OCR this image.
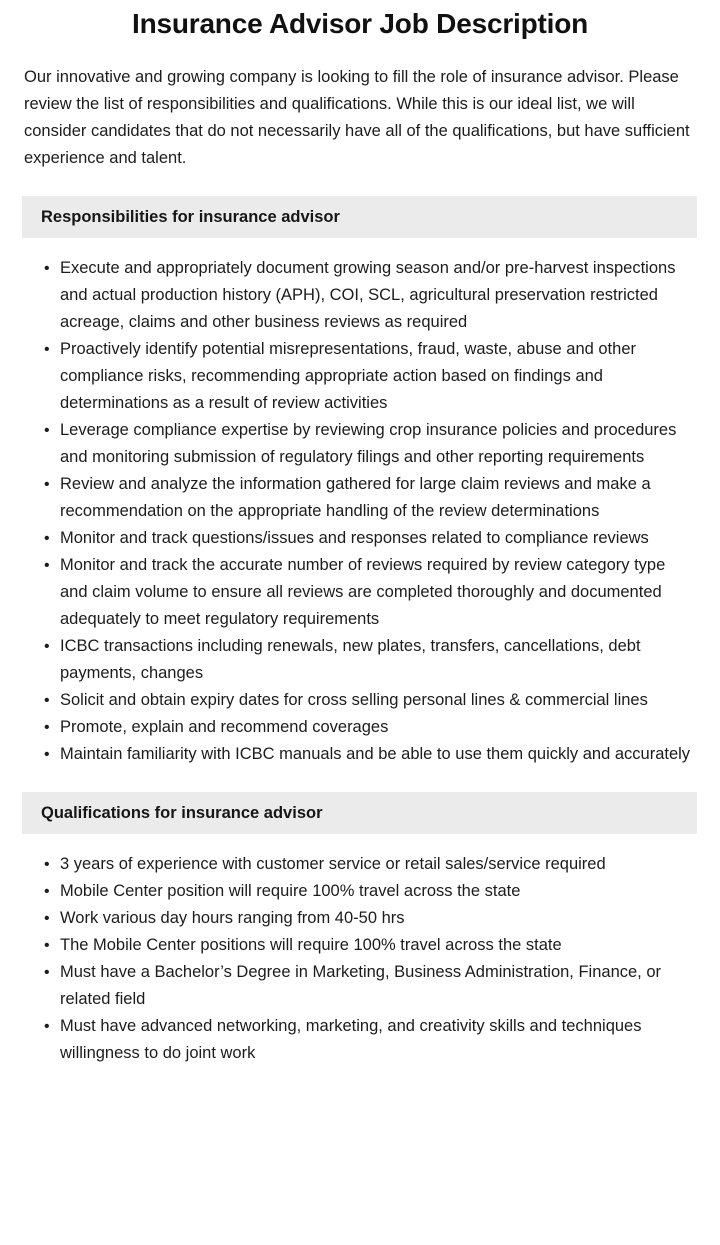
Insurance Advisor Job Description

Our innovative and growing company is looking to fill the role of insurance advisor. Please review the list of responsibilities and qualifications. While this is our ideal list, we will consider candidates that do not necessarily have all of the qualifications, but have sufficient experience and talent.

Responsibilities for insurance advisor
• Execute and appropriately document growing season and/or pre-harvest inspections and actual production history (APH), COI, SCL, agricultural preservation restricted acreage, claims and other business reviews as required
• Proactively identify potential misrepresentations, fraud, waste, abuse and other compliance risks, recommending appropriate action based on findings and determinations as a result of review activities
• Leverage compliance expertise by reviewing crop insurance policies and procedures and monitoring submission of regulatory filings and other reporting requirements
• Review and analyze the information gathered for large claim reviews and make a recommendation on the appropriate handling of the review determinations
• Monitor and track questions/issues and responses related to compliance reviews
• Monitor and track the accurate number of reviews required by review category type and claim volume to ensure all reviews are completed thoroughly and documented adequately to meet regulatory requirements
• ICBC transactions including renewals, new plates, transfers, cancellations, debt payments, changes
• Solicit and obtain expiry dates for cross selling personal lines & commercial lines
• Promote, explain and recommend coverages
• Maintain familiarity with ICBC manuals and be able to use them quickly and accurately
Qualifications for insurance advisor
• 3 years of experience with customer service or retail sales/service required
• Mobile Center position will require 100% travel across the state
• Work various day hours ranging from 40-50 hrs
• The Mobile Center positions will require 100% travel across the state
• Must have a Bachelor’s Degree in Marketing, Business Administration, Finance, or related field
• Must have advanced networking, marketing, and creativity skills and techniques willingness to do joint work
